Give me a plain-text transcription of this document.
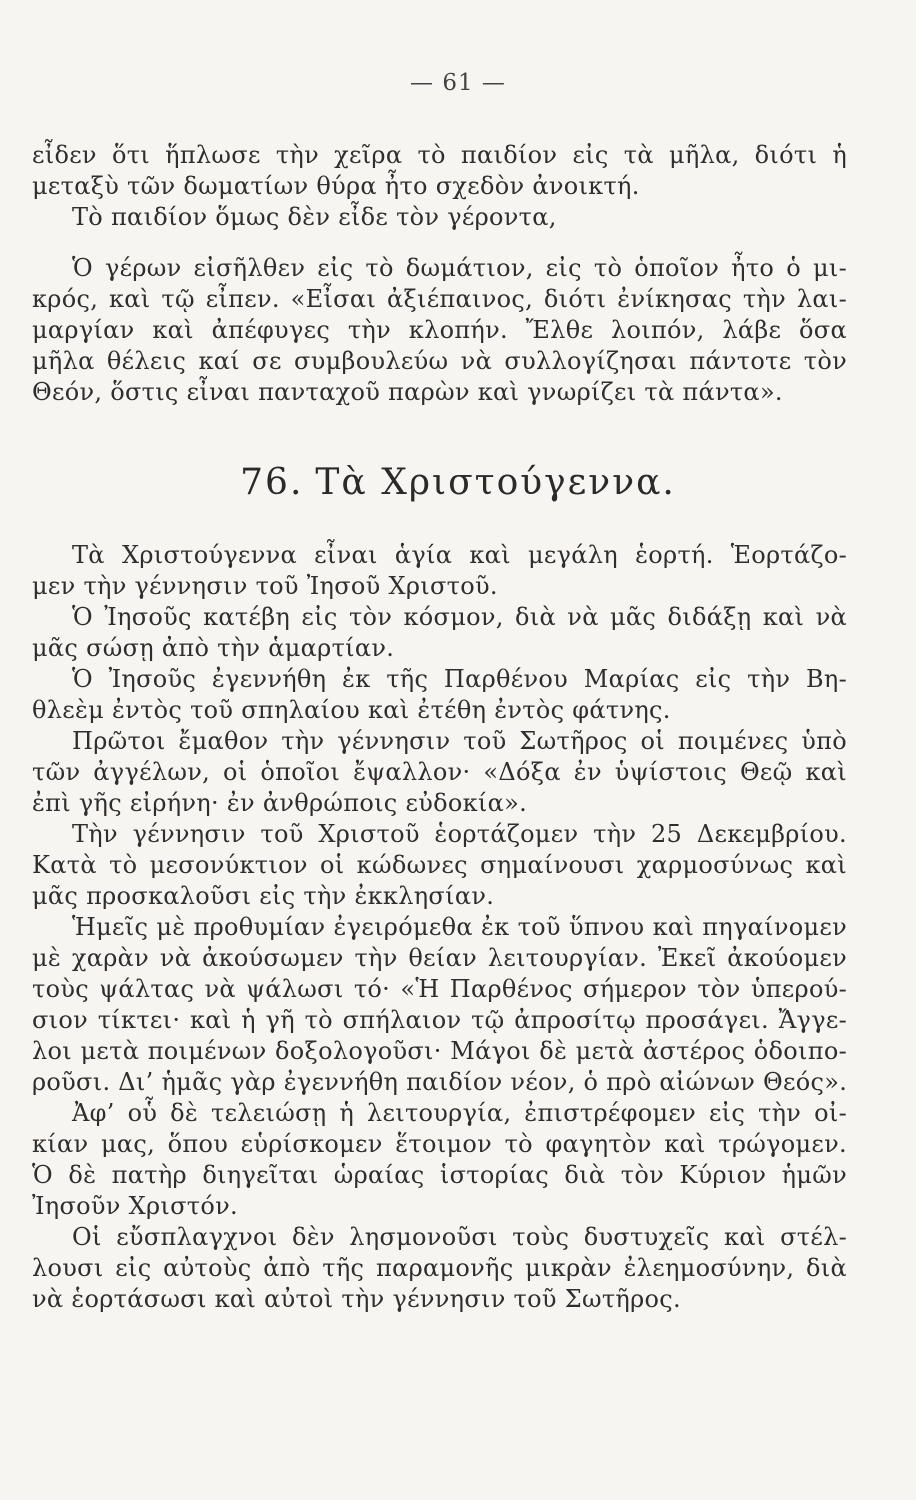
— 61 —
εἶδεν ὅτι ἥπλωσε τὴν χεῖρα τὸ παιδίον εἰς τὰ μῆλα, διότι ἡ
μεταξὺ τῶν δωματίων θύρα ἦτο σχεδὸν ἀνοικτή.
Τὸ παιδίον ὅμως δὲν εἶδε τὸν γέροντα,
Ὁ γέρων εἰσῆλθεν εἰς τὸ δωμάτιον, εἰς τὸ ὁποῖον ἦτο ὁ μι-
κρός, καὶ τῷ εἶπεν. «Εἶσαι ἀξιέπαινος, διότι ἐνίκησας τὴν λαι-
μαργίαν καὶ ἀπέφυγες τὴν κλοπήν. Ἔλθε λοιπόν, λάβε ὅσα
μῆλα θέλεις καί σε συμβουλεύω νὰ συλλογίζησαι πάντοτε τὸν
Θεόν, ὅστις εἶναι πανταχοῦ παρὼν καὶ γνωρίζει τὰ πάντα».
76. Τὰ Χριστούγεννα.
Τὰ Χριστούγεννα εἶναι ἁγία καὶ μεγάλη ἑορτή. Ἑορτάζο-
μεν τὴν γέννησιν τοῦ Ἰησοῦ Χριστοῦ.
Ὁ Ἰησοῦς κατέβη εἰς τὸν κόσμον, διὰ νὰ μᾶς διδάξῃ καὶ νὰ
μᾶς σώσῃ ἀπὸ τὴν ἁμαρτίαν.
Ὁ Ἰησοῦς ἐγεννήθη ἐκ τῆς Παρθένου Μαρίας εἰς τὴν Βη-
θλεὲμ ἐντὸς τοῦ σπηλαίου καὶ ἐτέθη ἐντὸς φάτνης.
Πρῶτοι ἔμαθον τὴν γέννησιν τοῦ Σωτῆρος οἱ ποιμένες ὑπὸ
τῶν ἀγγέλων, οἱ ὁποῖοι ἔψαλλον· «Δόξα ἐν ὑψίστοις Θεῷ καὶ
ἐπὶ γῆς εἰρήνη· ἐν ἀνθρώποις εὐδοκία».
Τὴν γέννησιν τοῦ Χριστοῦ ἑορτάζομεν τὴν 25 Δεκεμβρίου.
Κατὰ τὸ μεσονύκτιον οἱ κώδωνες σημαίνουσι χαρμοσύνως καὶ
μᾶς προσκαλοῦσι εἰς τὴν ἐκκλησίαν.
Ἡμεῖς μὲ προθυμίαν ἐγειρόμεθα ἐκ τοῦ ὕπνου καὶ πηγαίνομεν
μὲ χαρὰν νὰ ἀκούσωμεν τὴν θείαν λειτουργίαν. Ἐκεῖ ἀκούομεν
τοὺς ψάλτας νὰ ψάλωσι τό· «Ἡ Παρθένος σήμερον τὸν ὑπερού-
σιον τίκτει· καὶ ἡ γῆ τὸ σπήλαιον τῷ ἀπροσίτῳ προσάγει. Ἄγγε-
λοι μετὰ ποιμένων δοξολογοῦσι· Μάγοι δὲ μετὰ ἀστέρος ὁδοιπο-
ροῦσι. Δι’ ἡμᾶς γὰρ ἐγεννήθη παιδίον νέον, ὁ πρὸ αἰώνων Θεός».
Ἀφ’ οὗ δὲ τελειώσῃ ἡ λειτουργία, ἐπιστρέφομεν εἰς τὴν οἰ-
κίαν μας, ὅπου εὑρίσκομεν ἕτοιμον τὸ φαγητὸν καὶ τρώγομεν.
Ὁ δὲ πατὴρ διηγεῖται ὡραίας ἱστορίας διὰ τὸν Κύριον ἡμῶν
Ἰησοῦν Χριστόν.
Οἱ εὔσπλαγχνοι δὲν λησμονοῦσι τοὺς δυστυχεῖς καὶ στέλ-
λουσι εἰς αὐτοὺς ἀπὸ τῆς παραμονῆς μικρὰν ἐλεημοσύνην, διὰ
νὰ ἑορτάσωσι καὶ αὐτοὶ τὴν γέννησιν τοῦ Σωτῆρος.
